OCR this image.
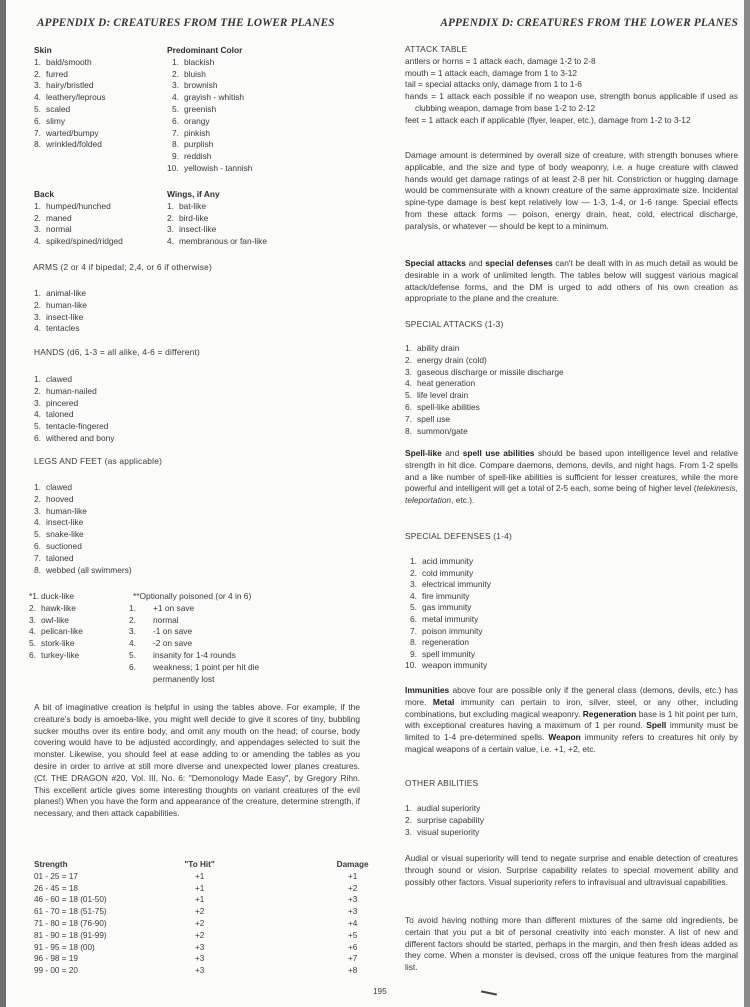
APPENDIX D: CREATURES FROM THE LOWER PLANES
Skin
1. bald/smooth
2. furred
3. hairy/bristled
4. leathery/leprous
5. scaled
6. slimy
7. warted/bumpy
8. wrinkled/folded
Predominant Color
1. blackish
2. bluish
3. brownish
4. grayish - whitish
5. greenish
6. orangy
7. pinkish
8. purplish
9. reddish
10. yellowish - tannish
Back
1. humped/hunched
2. maned
3. normal
4. spiked/spined/ridged
Wings, if Any
1. bat-like
2. bird-like
3. insect-like
4. membranous or fan-like
ARMS (2 or 4 if bipedal; 2,4, or 6 if otherwise)
1. animal-like
2. human-like
3. insect-like
4. tentacles
HANDS (d6, 1-3 = all alike, 4-6 = different)
1. clawed
2. human-nailed
3. pincered
4. taloned
5. tentacle-fingered
6. withered and bony
LEGS AND FEET (as applicable)
1. clawed
2. hooved
3. human-like
4. insect-like
5. snake-like
6. suctioned
7. taloned
8. webbed (all swimmers)
*1. duck-like
2. hawk-like
3. owl-like
4. pelican-like
5. stork-like
6. turkey-like
**Optionally poisoned (or 4 in 6)
1. +1 on save
2. normal
3. -1 on save
4. -2 on save
5. insanity for 1-4 rounds
6. weakness; 1 point per hit die permanently lost
A bit of imaginative creation is helpful in using the tables above. For example, if the creature's body is amoeba-like, you might well decide to give it scores of tiny, bubbling sucker mouths over its entire body, and omit any mouth on the head; of course, body covering would have to be adjusted accordingly, and appendages selected to suit the monster. Likewise, you should feel at ease adding to or amending the tables as you desire in order to arrive at still more diverse and unexpected lower planes creatures. (Cf. THE DRAGON #20, Vol. III, No. 6: "Demonology Made Easy", by Gregory Rihn. This excellent article gives some interesting thoughts on variant creatures of the evil planes!) When you have the form and appearance of the creature, determine strength, if necessary, and then attack capabilities.
Strength	"To Hit"	Damage
01 - 25 = 17	+1	+1
26 - 45 = 18	+1	+2
46 - 60 = 18 (01-50)	+1	+3
61 - 70 = 18 (51-75)	+2	+3
71 - 80 = 18 (76-90)	+2	+4
81 - 90 = 18 (91-99)	+2	+5
91 - 95 = 18 (00)	+3	+6
96 - 98 = 19	+3	+7
99 - 00 = 20	+3	+8
195
APPENDIX D: CREATURES FROM THE LOWER PLANES
ATTACK TABLE
antlers or horns = 1 attack each, damage 1-2 to 2-8
mouth = 1 attack each, damage from 1 to 3-12
tail = special attacks only, damage from 1 to 1-6
hands = 1 attack each possible if no weapon use, strength bonus applicable if used as clubbing weapon, damage from base 1-2 to 2-12
feet = 1 attack each if applicable (flyer, leaper, etc.), damage from 1-2 to 3-12
Damage amount is determined by overall size of creature, with strength bonuses where applicable, and the size and type of body weaponry, i.e. a huge creature with clawed hands would get damage ratings of at least 2-8 per hit. Constriction or hugging damage would be commensurate with a known creature of the same approximate size. Incidental spine-type damage is best kept relatively low — 1-3, 1-4, or 1-6 range. Special effects from these attack forms — poison, energy drain, heat, cold, electrical discharge, paralysis, or whatever — should be kept to a minimum.
Special attacks and special defenses can't be dealt with in as much detail as would be desirable in a work of unlimited length. The tables below will suggest various magical attack/defense forms, and the DM is urged to add others of his own creation as appropriate to the plane and the creature.
SPECIAL ATTACKS (1-3)
1. ability drain
2. energy drain (cold)
3. gaseous discharge or missile discharge
4. heat generation
5. life level drain
6. spell-like abilities
7. spell use
8. summon/gate
Spell-like and spell use abilities should be based upon intelligence level and relative strength in hit dice. Compare daemons, demons, devils, and night hags. From 1-2 spells and a like number of spell-like abilities is sufficient for lesser creatures, while the more powerful and intelligent will get a total of 2-5 each, some being of higher level (telekinesis, teleportation, etc.).
SPECIAL DEFENSES (1-4)
1. acid immunity
2. cold immunity
3. electrical immunity
4. fire immunity
5. gas immunity
6. metal immunity
7. poison immunity
8. regeneration
9. spell immunity
10. weapon immunity
Immunities above four are possible only if the general class (demons, devils, etc.) has more. Metal immunity can pertain to iron, silver, steel, or any other, including combinations, but excluding magical weaponry. Regeneration base is 1 hit point per turn, with exceptional creatures having a maximum of 1 per round. Spell immunity must be limited to 1-4 pre-determined spells. Weapon immunity refers to creatures hit only by magical weapons of a certain value, i.e. +1, +2, etc.
OTHER ABILITIES
1. audial superiority
2. surprise capability
3. visual superiority
Audial or visual superiority will tend to negate surprise and enable detection of creatures through sound or vision. Surprise capability relates to special movement ability and possibly other factors. Visual superiority refers to infravisual and ultravisual capabilities.
To avoid having nothing more than different mixtures of the same old ingredients, be certain that you put a bit of personal creativity into each monster. A list of new and different factors should be started, perhaps in the margin, and then fresh ideas added as they come. When a monster is devised, cross off the unique features from the marginal list.
